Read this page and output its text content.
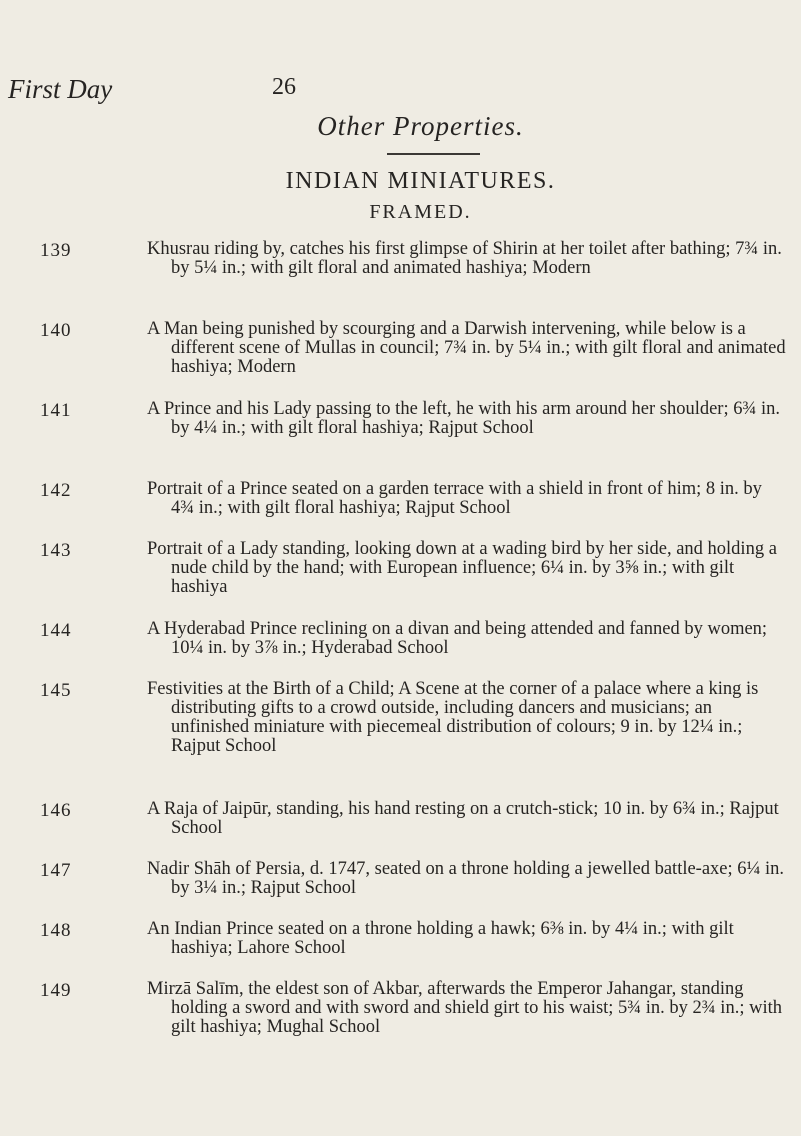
First Day	26
Other Properties.
INDIAN MINIATURES.
FRAMED.
139	Khusrau riding by, catches his first glimpse of Shirin at her toilet after bathing; 7¾ in. by 5¼ in.; with gilt floral and animated hashiya; Modern
140	A Man being punished by scourging and a Darwish intervening, while below is a different scene of Mullas in council; 7¾ in. by 5¼ in.; with gilt floral and animated hashiya; Modern
141	A Prince and his Lady passing to the left, he with his arm around her shoulder; 6¾ in. by 4¼ in.; with gilt floral hashiya; Rajput School
142	Portrait of a Prince seated on a garden terrace with a shield in front of him; 8 in. by 4¾ in.; with gilt floral hashiya; Rajput School
143	Portrait of a Lady standing, looking down at a wading bird by her side, and holding a nude child by the hand; with European influence; 6¼ in. by 3⅝ in.; with gilt hashiya
144	A Hyderabad Prince reclining on a divan and being attended and fanned by women; 10¼ in. by 3⅞ in.; Hyderabad School
145	Festivities at the Birth of a Child; A Scene at the corner of a palace where a king is distributing gifts to a crowd outside, including dancers and musicians; an unfinished miniature with piecemeal distribution of colours; 9 in. by 12¼ in.; Rajput School
146	A Raja of Jaipūr, standing, his hand resting on a crutch-stick; 10 in. by 6¾ in.; Rajput School
147	Nadir Shāh of Persia, d. 1747, seated on a throne holding a jewelled battle-axe; 6¼ in. by 3¼ in.; Rajput School
148	An Indian Prince seated on a throne holding a hawk; 6⅜ in. by 4¼ in.; with gilt hashiya; Lahore School
149	Mirzā Salīm, the eldest son of Akbar, afterwards the Emperor Jahangar, standing holding a sword and with sword and shield girt to his waist; 5¾ in. by 2¾ in.; with gilt hashiya; Mughal School
